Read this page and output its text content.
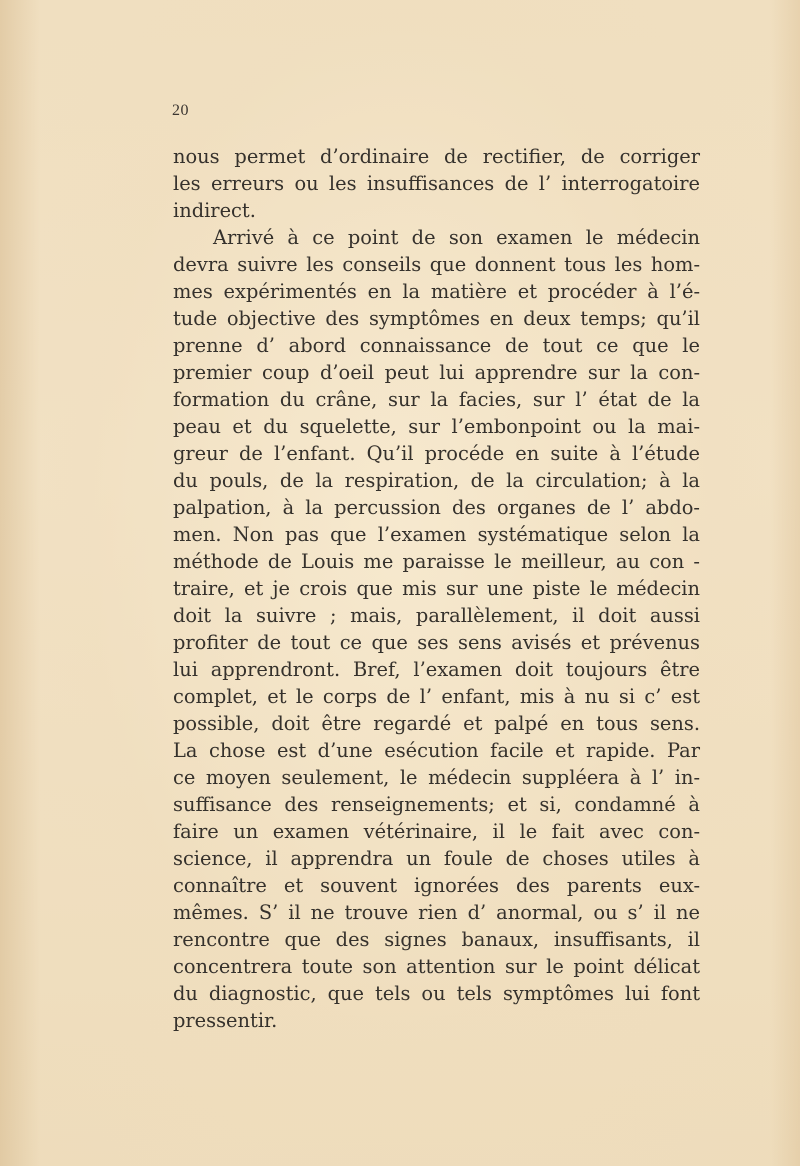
20
nous permet d’ordinaire de rectifier, de corriger
les erreurs ou les insuffisances de l’ interrogatoire
indirect.
Arrivé à ce point de son examen le médecin
devra suivre les conseils que donnent tous les hom-
mes expérimentés en la matière et procéder à l’é-
tude objective des symptômes en deux temps; qu’il
prenne d’ abord connaissance de tout ce que le
premier coup d’oeil peut lui apprendre sur la con-
formation du crâne, sur la facies, sur l’ état de la
peau et du squelette, sur l’embonpoint ou la mai-
greur de l’enfant. Qu’il procéde en suite à l’étude
du pouls, de la respiration, de la circulation; à la
palpation, à la percussion des organes de l’ abdo-
men. Non pas que l’examen systématique selon la
méthode de Louis me paraisse le meilleur, au con -
traire, et je crois que mis sur une piste le médecin
doit la suivre ; mais, parallèlement, il doit aussi
profiter de tout ce que ses sens avisés et prévenus
lui apprendront. Bref, l’examen doit toujours être
complet, et le corps de l’ enfant, mis à nu si c’ est
possible, doit être regardé et palpé en tous sens.
La chose est d’une esécution facile et rapide. Par
ce moyen seulement, le médecin suppléera à l’ in-
suffisance des renseignements; et si, condamné à
faire un examen vétérinaire, il le fait avec con-
science, il apprendra un foule de choses utiles à
connaître et souvent ignorées des parents eux-
mêmes. S’ il ne trouve rien d’ anormal, ou s’ il ne
rencontre que des signes banaux, insuffisants, il
concentrera toute son attention sur le point délicat
du diagnostic, que tels ou tels symptômes lui font
pressentir.
